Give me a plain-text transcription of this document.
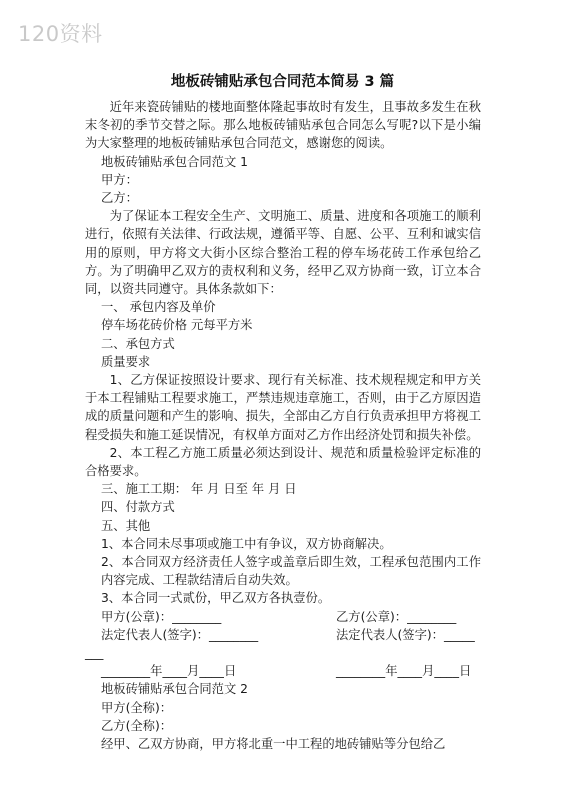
120资料
地板砖铺贴承包合同范本简易 3 篇

近年来瓷砖铺贴的楼地面整体隆起事故时有发生，且事故多发生在秋末冬初的季节交替之际。那么地板砖铺贴承包合同怎么写呢?以下是小编为大家整理的地板砖铺贴承包合同范文，感谢您的阅读。

地板砖铺贴承包合同范文 1

甲方：

乙方：

为了保证本工程安全生产、文明施工、质量、进度和各项施工的顺利进行，依照有关法律、行政法规，遵循平等、自愿、公平、互利和诚实信用的原则，甲方将文大街小区综合整治工程的停车场花砖工作承包给乙方。为了明确甲乙双方的责权利和义务，经甲乙双方协商一致，订立本合同，以资共同遵守。具体条款如下：

一、 承包内容及单价

停车场花砖价格 元每平方米

二、承包方式

质量要求

1、乙方保证按照设计要求、现行有关标准、技术规程规定和甲方关于本工程铺贴工程要求施工，严禁违规违章施工，否则，由于乙方原因造成的质量问题和产生的影响、损失，全部由乙方自行负责承担甲方将视工程受损失和施工延误情况，有权单方面对乙方作出经济处罚和损失补偿。

2、本工程乙方施工质量必须达到设计、规范和质量检验评定标准的合格要求。

三、施工工期： 年 月 日至 年 月 日

四、付款方式

五、其他

1、本合同未尽事项或施工中有争议，双方协商解决。

2、本合同双方经济责任人签字或盖章后即生效，工程承包范围内工作内容完成、工程款结清后自动失效。

3、本合同一式贰份，甲乙双方各执壹份。

甲方(公章)：________	乙方(公章)：________
法定代表人(签字)：________	法定代表人(签字)：_____
___
________年____月____日	________年____月____日

地板砖铺贴承包合同范文 2

甲方(全称)：

乙方(全称)：

经甲、乙双方协商，甲方将北重一中工程的地砖铺贴等分包给乙
